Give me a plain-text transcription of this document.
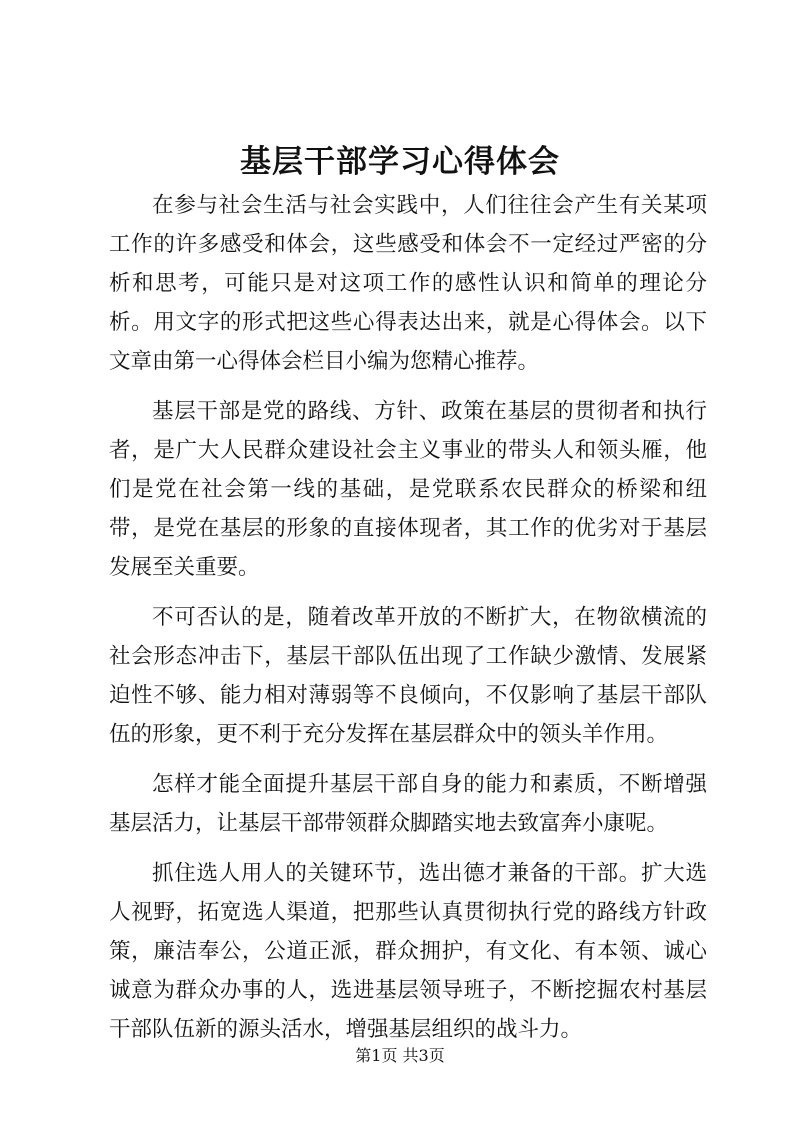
基层干部学习心得体会

在参与社会生活与社会实践中，人们往往会产生有关某项工作的许多感受和体会，这些感受和体会不一定经过严密的分析和思考，可能只是对这项工作的感性认识和简单的理论分析。用文字的形式把这些心得表达出来，就是心得体会。以下文章由第一心得体会栏目小编为您精心推荐。

基层干部是党的路线、方针、政策在基层的贯彻者和执行者，是广大人民群众建设社会主义事业的带头人和领头雁，他们是党在社会第一线的基础，是党联系农民群众的桥梁和纽带，是党在基层的形象的直接体现者，其工作的优劣对于基层发展至关重要。

不可否认的是，随着改革开放的不断扩大，在物欲横流的社会形态冲击下，基层干部队伍出现了工作缺少激情、发展紧迫性不够、能力相对薄弱等不良倾向，不仅影响了基层干部队伍的形象，更不利于充分发挥在基层群众中的领头羊作用。

怎样才能全面提升基层干部自身的能力和素质，不断增强基层活力，让基层干部带领群众脚踏实地去致富奔小康呢。

抓住选人用人的关键环节，选出德才兼备的干部。扩大选人视野，拓宽选人渠道，把那些认真贯彻执行党的路线方针政策，廉洁奉公，公道正派，群众拥护，有文化、有本领、诚心诚意为群众办事的人，选进基层领导班子，不断挖掘农村基层干部队伍新的源头活水，增强基层组织的战斗力。

第1页 共3页
